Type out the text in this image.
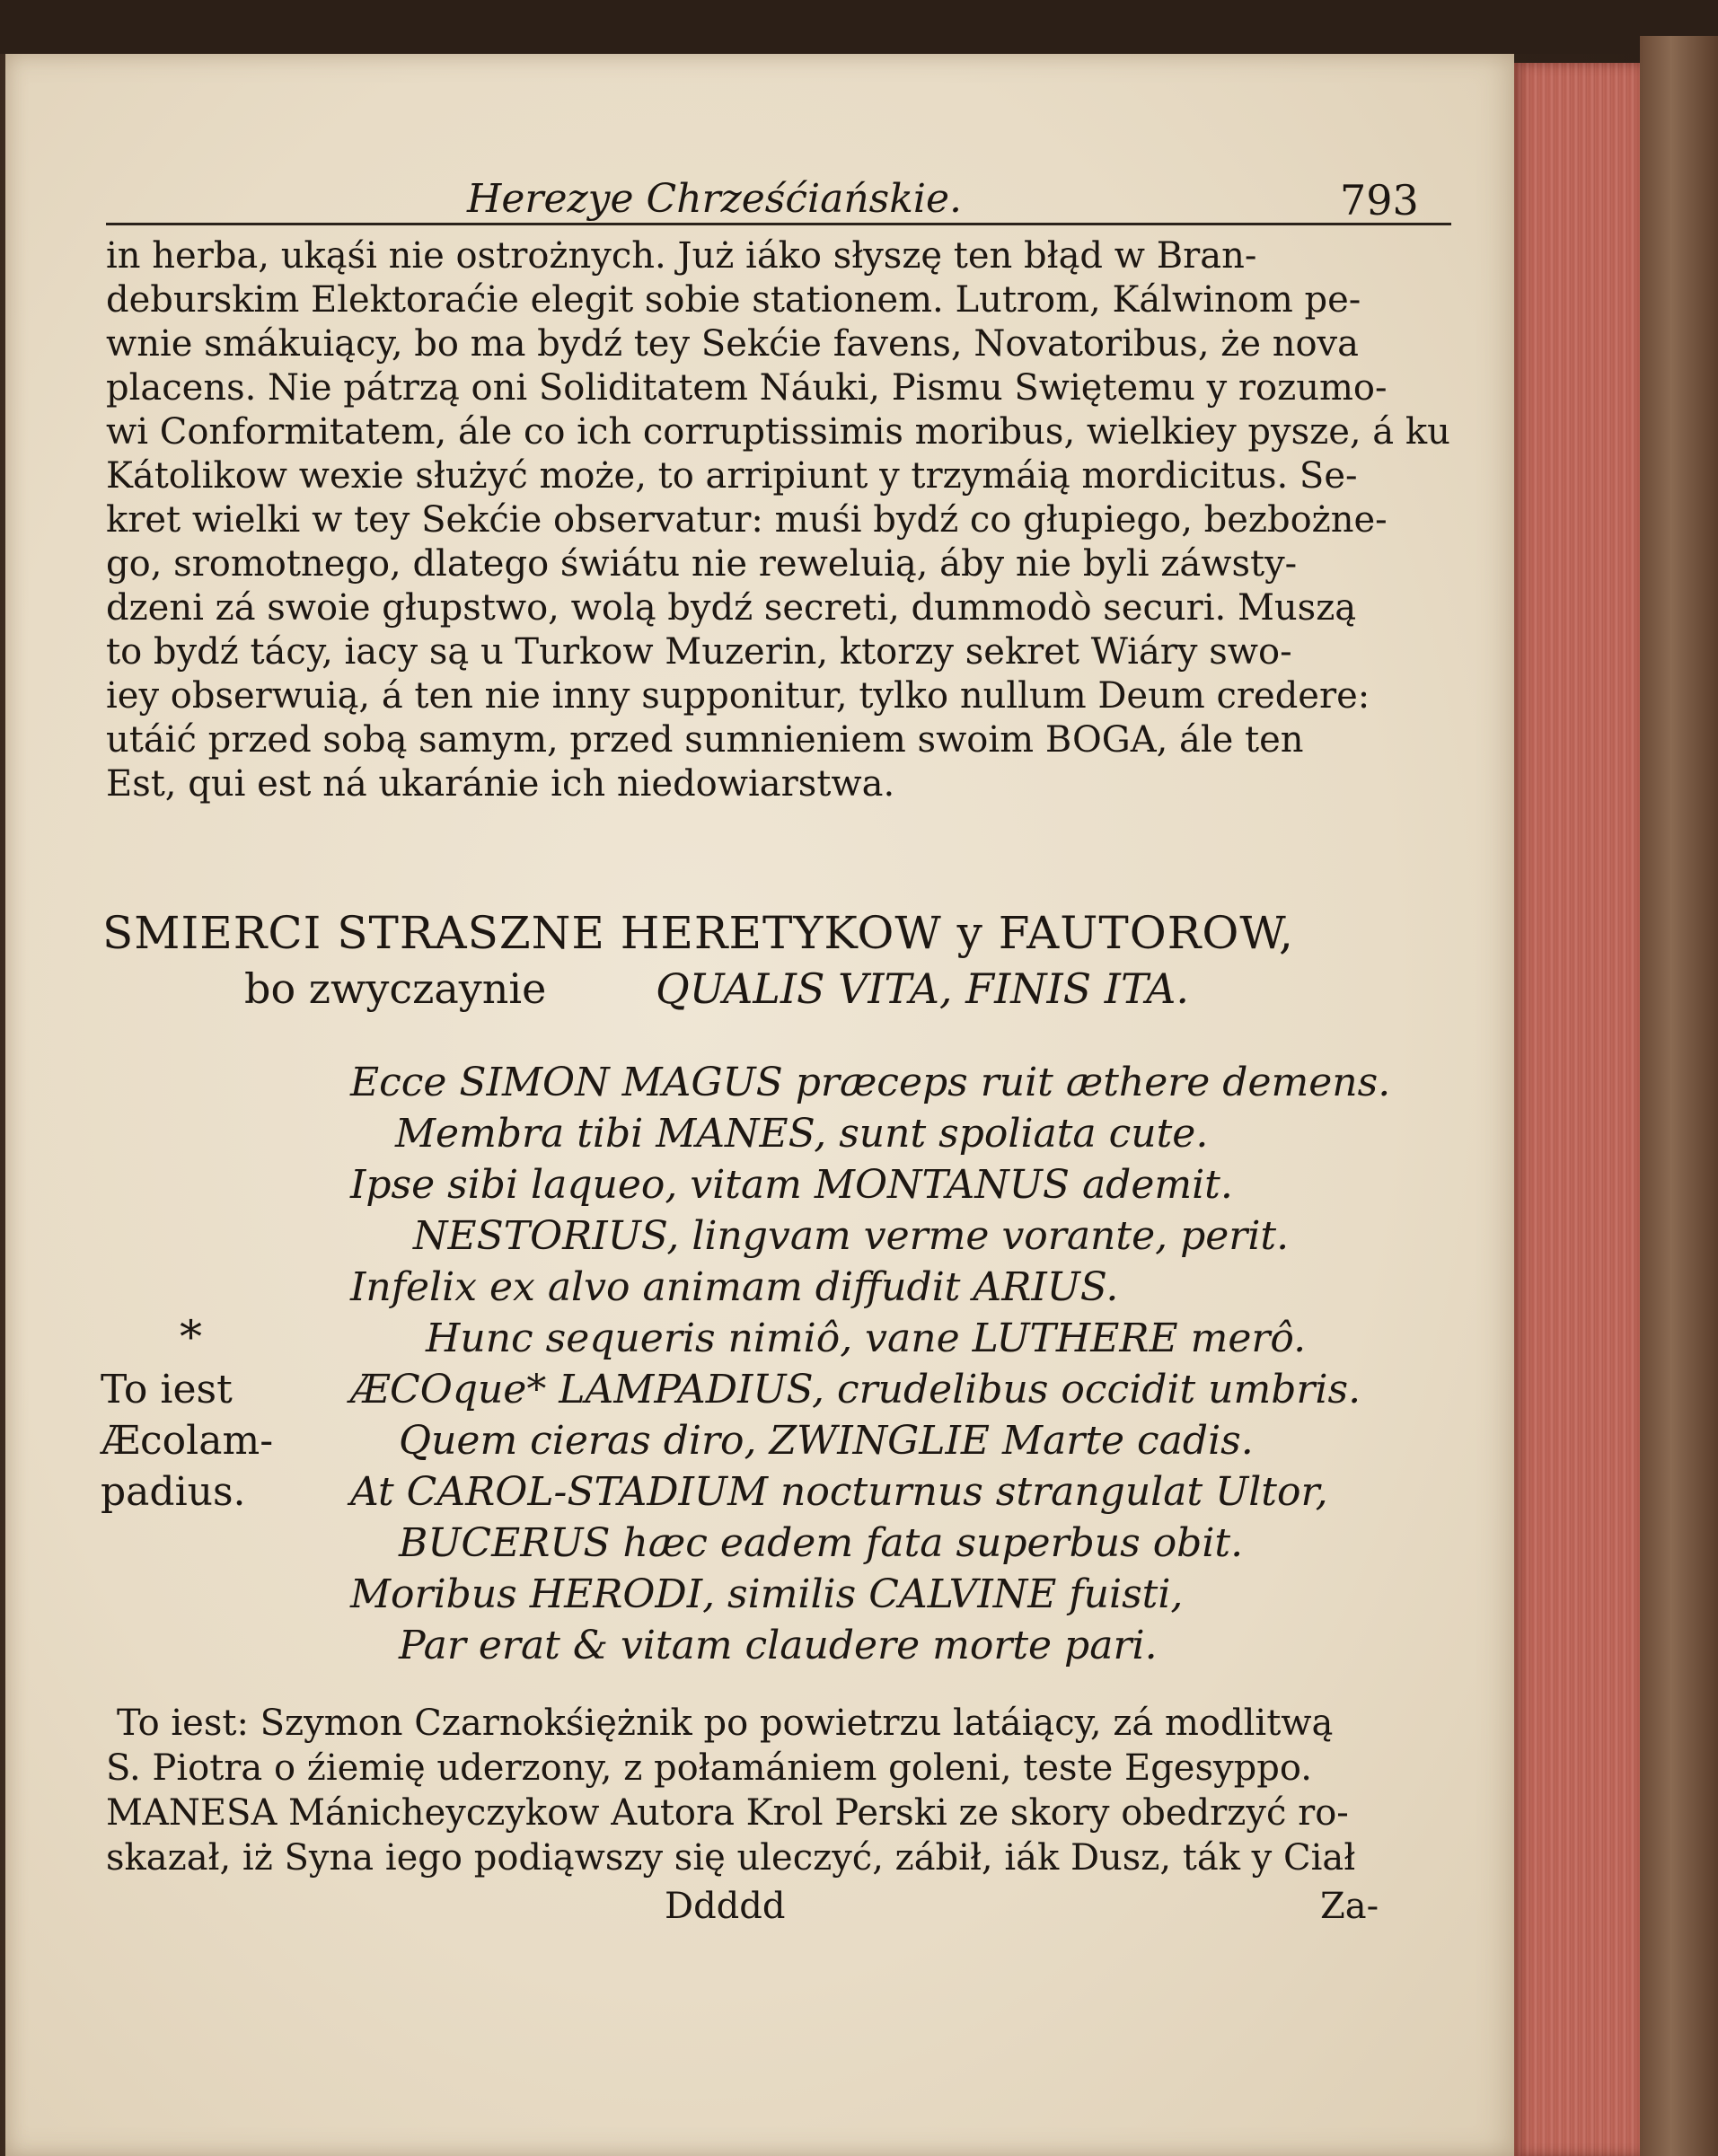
Herezye Chrześćiańskie.	793
in herba, ukąśi nie ostrożnych. Już iáko słyszę ten błąd w Bran-
deburskim Elektoraćie elegit sobie stationem. Lutrom, Kálwinom pe-
wnie smákuiący, bo ma bydź tey Sekćie favens, Novatoribus, że nova
placens. Nie pátrzą oni Soliditatem Náuki, Pismu Swiętemu y rozumo-
wi Conformitatem, ále co ich corruptissimis moribus, wielkiey pysze, á ku
Kátolikow wexie służyć może, to arripiunt y trzymáią mordicitus. Se-
kret wielki w tey Sekćie observatur: muśi bydź co głupiego, bezbożne-
go, sromotnego, dlatego świátu nie reweluią, áby nie byli záwsty-
dzeni zá swoie głupstwo, wolą bydź secreti, dummodò securi. Muszą
to bydź tácy, iacy są u Turkow Muzerin, ktorzy sekret Wiáry swo-
iey obserwuią, á ten nie inny supponitur, tylko nullum Deum credere:
utáić przed sobą samym, przed sumnieniem swoim BOGA, ále ten
Est, qui est ná ukaránie ich niedowiarstwa.
SMIERCI STRASZNE HERETYKOW y FAUTOROW,
bo zwyczaynie	QUALIS VITA, FINIS ITA.
Ecce SIMON MAGUS præceps ruit æthere demens.
Membra tibi MANES, sunt spoliata cute.
Ipse sibi laqueo, vitam MONTANUS ademit.
NESTORIUS, lingvam verme vorante, perit.
Infelix ex alvo animam diffudit ARIUS.
Hunc sequeris nimiô, vane LUTHERE merô.
ÆCOque* LAMPADIUS, crudelibus occidit umbris.
Quem cieras diro, ZWINGLIE Marte cadis.
At CAROL-STADIUM nocturnus strangulat Ultor,
BUCERUS hæc eadem fata superbus obit.
Moribus HERODI, similis CALVINE fuisti,
Par erat & vitam claudere morte pari.
*
To iest
Æcolam-
padius.
To iest: Szymon Czarnokśiężnik po powietrzu latáiący, zá modlitwą
S. Piotra o źiemię uderzony, z połamániem goleni, teste Egesyppo.
MANESA Mánicheyczykow Autora Krol Perski ze skory obedrzyć ro-
skazał, iż Syna iego podiąwszy się uleczyć, zábił, iák Dusz, ták y Ciał
Ddddd	Za-
